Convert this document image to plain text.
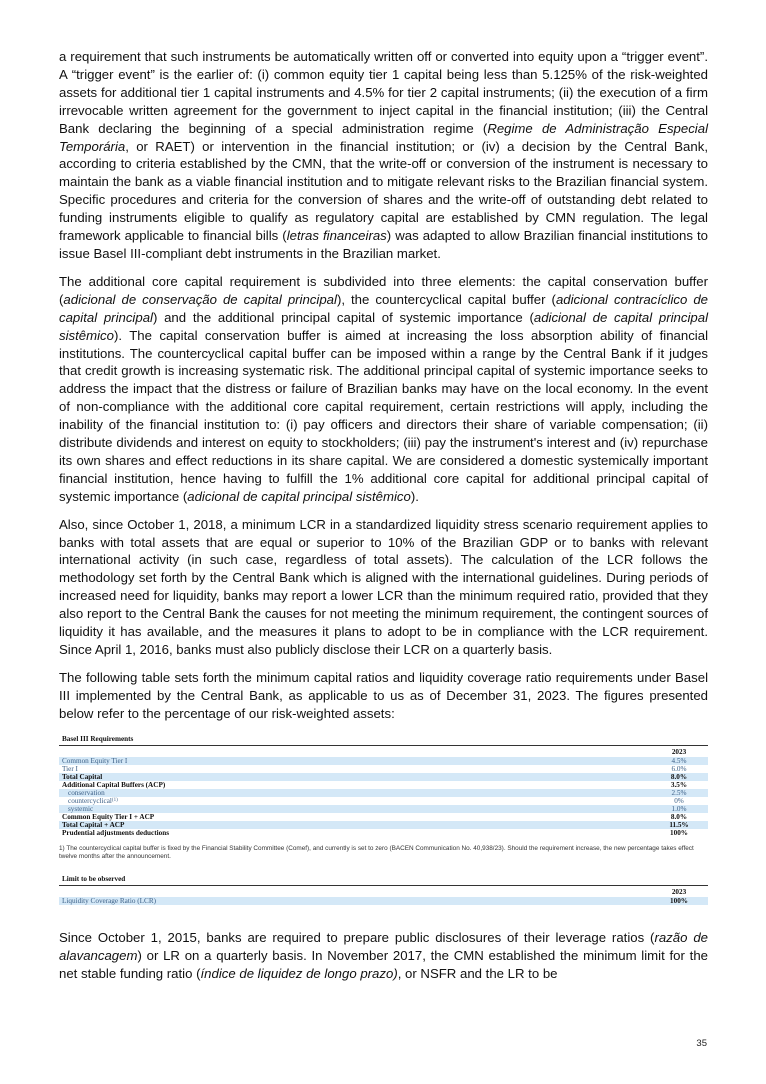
a requirement that such instruments be automatically written off or converted into equity upon a “trigger event”. A “trigger event” is the earlier of: (i) common equity tier 1 capital being less than 5.125% of the risk-weighted assets for additional tier 1 capital instruments and 4.5% for tier 2 capital instruments; (ii) the execution of a firm irrevocable written agreement for the government to inject capital in the financial institution; (iii) the Central Bank declaring the beginning of a special administration regime (Regime de Administração Especial Temporária, or RAET) or intervention in the financial institution; or (iv) a decision by the Central Bank, according to criteria established by the CMN, that the write-off or conversion of the instrument is necessary to maintain the bank as a viable financial institution and to mitigate relevant risks to the Brazilian financial system. Specific procedures and criteria for the conversion of shares and the write-off of outstanding debt related to funding instruments eligible to qualify as regulatory capital are established by CMN regulation. The legal framework applicable to financial bills (letras financeiras) was adapted to allow Brazilian financial institutions to issue Basel III-compliant debt instruments in the Brazilian market.

The additional core capital requirement is subdivided into three elements: the capital conservation buffer (adicional de conservação de capital principal), the countercyclical capital buffer (adicional contracíclico de capital principal) and the additional principal capital of systemic importance (adicional de capital principal sistêmico). The capital conservation buffer is aimed at increasing the loss absorption ability of financial institutions. The countercyclical capital buffer can be imposed within a range by the Central Bank if it judges that credit growth is increasing systematic risk. The additional principal capital of systemic importance seeks to address the impact that the distress or failure of Brazilian banks may have on the local economy. In the event of non-compliance with the additional core capital requirement, certain restrictions will apply, including the inability of the financial institution to: (i) pay officers and directors their share of variable compensation; (ii) distribute dividends and interest on equity to stockholders; (iii) pay the instrument's interest and (iv) repurchase its own shares and effect reductions in its share capital. We are considered a domestic systemically important financial institution, hence having to fulfill the 1% additional core capital for additional principal capital of systemic importance (adicional de capital principal sistêmico).

Also, since October 1, 2018, a minimum LCR in a standardized liquidity stress scenario requirement applies to banks with total assets that are equal or superior to 10% of the Brazilian GDP or to banks with relevant international activity (in such case, regardless of total assets). The calculation of the LCR follows the methodology set forth by the Central Bank which is aligned with the international guidelines. During periods of increased need for liquidity, banks may report a lower LCR than the minimum required ratio, provided that they also report to the Central Bank the causes for not meeting the minimum requirement, the contingent sources of liquidity it has available, and the measures it plans to adopt to be in compliance with the LCR requirement. Since April 1, 2016, banks must also publicly disclose their LCR on a quarterly basis.

The following table sets forth the minimum capital ratios and liquidity coverage ratio requirements under Basel III implemented by the Central Bank, as applicable to us as of December 31, 2023. The figures presented below refer to the percentage of our risk-weighted assets:

Basel III Requirements
2023
Common Equity Tier I	4.5%
Tier I	6.0%
Total Capital	8.0%
Additional Capital Buffers (ACP)	3.5%
conservation	2.5%
countercyclical$^{(1)}$	0%
systemic	1.0%
Common Equity Tier I + ACP	8.0%
Total Capital + ACP	11.5%
Prudential adjustments deductions	100%

1) The countercyclical capital buffer is fixed by the Financial Stability Committee (Comef), and currently is set to zero (BACEN Communication No. 40,938/23). Should the requirement increase, the new percentage takes effect twelve months after the announcement.

Limit to be observed
2023
Liquidity Coverage Ratio (LCR)	100%

Since October 1, 2015, banks are required to prepare public disclosures of their leverage ratios (razão de alavancagem) or LR on a quarterly basis. In November 2017, the CMN established the minimum limit for the net stable funding ratio (índice de liquidez de longo prazo), or NSFR and the LR to be

35
